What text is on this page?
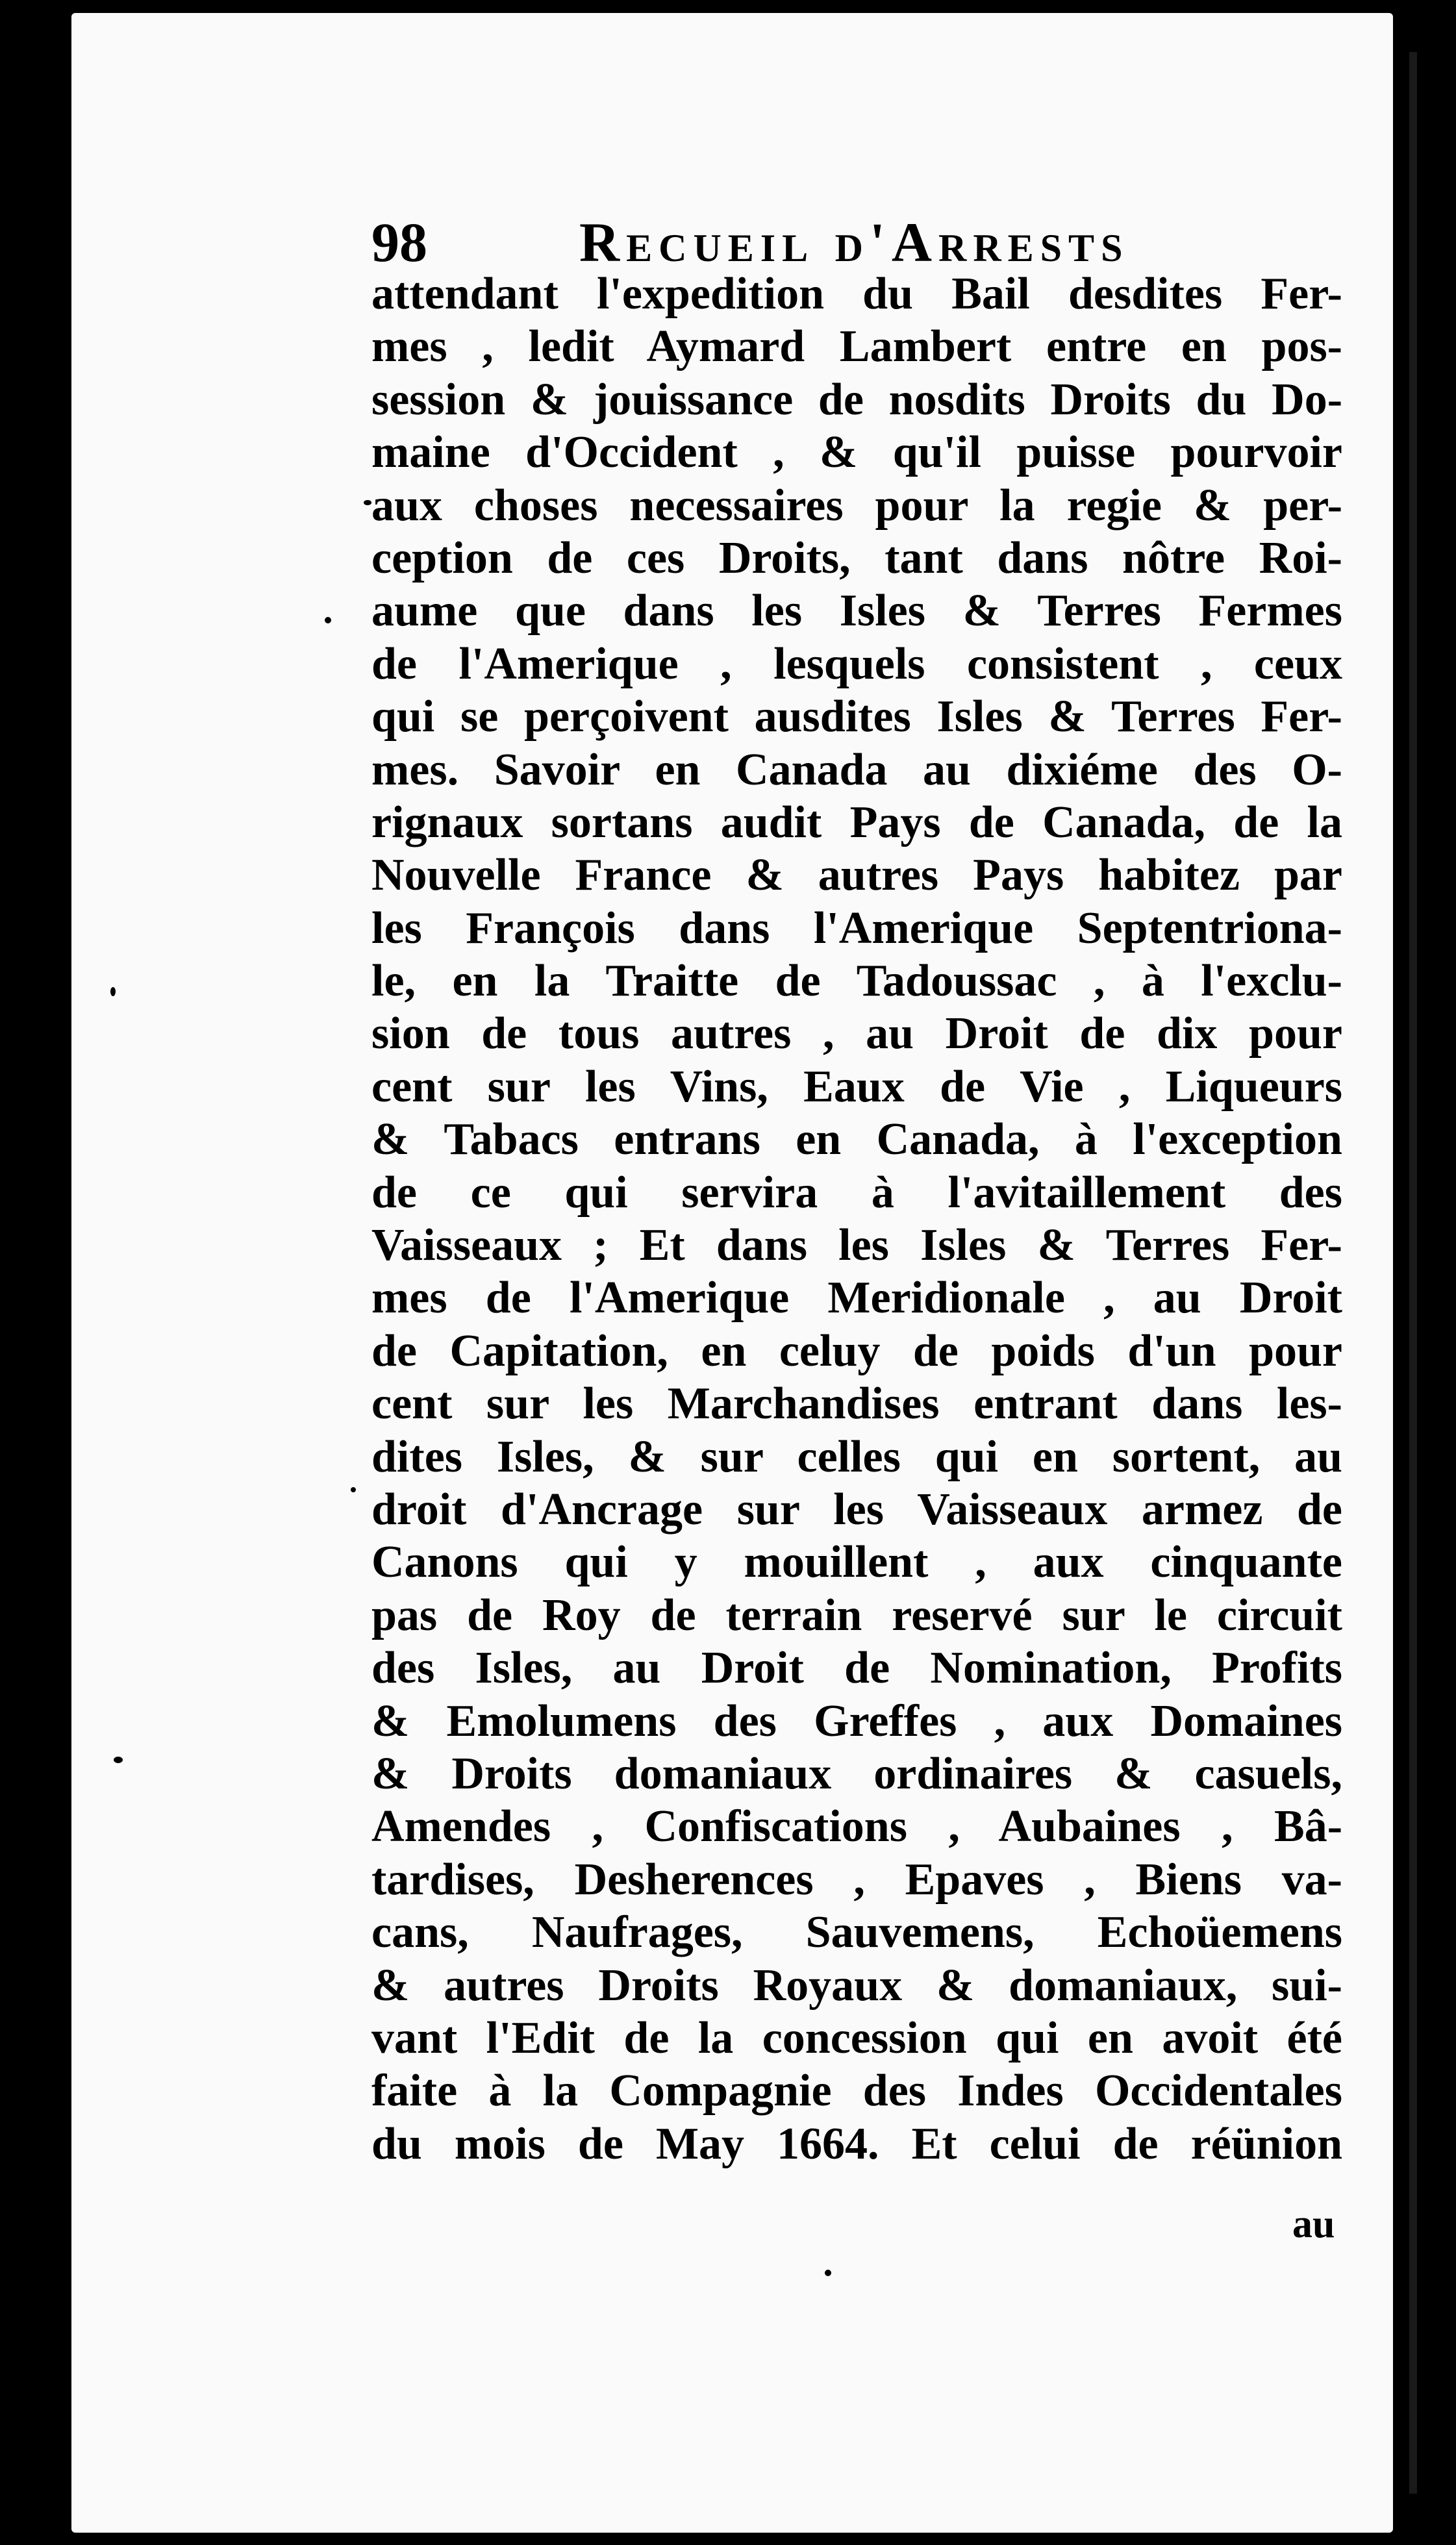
98	Recueil d'Arrests
attendant l'expedition du Bail desdites Fer-
mes , ledit Aymard Lambert entre en pos-
session & jouissance de nosdits Droits du Do-
maine d'Occident , & qu'il puisse pourvoir
aux choses necessaires pour la regie & per-
ception de ces Droits, tant dans nôtre Roi-
aume que dans les Isles & Terres Fermes
de l'Amerique , lesquels consistent , ceux
qui se perçoivent ausdites Isles & Terres Fer-
mes. Savoir en Canada au dixiéme des O-
rignaux sortans audit Pays de Canada, de la
Nouvelle France & autres Pays habitez par
les François dans l'Amerique Septentriona-
le, en la Traitte de Tadoussac , à l'exclu-
sion de tous autres , au Droit de dix pour
cent sur les Vins, Eaux de Vie , Liqueurs
& Tabacs entrans en Canada, à l'exception
de ce qui servira à l'avitaillement des
Vaisseaux ; Et dans les Isles & Terres Fer-
mes de l'Amerique Meridionale , au Droit
de Capitation, en celuy de poids d'un pour
cent sur les Marchandises entrant dans les-
dites Isles, & sur celles qui en sortent, au
droit d'Ancrage sur les Vaisseaux armez de
Canons qui y mouillent , aux cinquante
pas de Roy de terrain reservé sur le circuit
des Isles, au Droit de Nomination, Profits
& Emolumens des Greffes , aux Domaines
& Droits domaniaux ordinaires & casuels,
Amendes , Confiscations , Aubaines , Bâ-
tardises, Desherences , Epaves , Biens va-
cans, Naufrages, Sauvemens, Echoüemens
& autres Droits Royaux & domaniaux, sui-
vant l'Edit de la concession qui en avoit été
faite à la Compagnie des Indes Occidentales
du mois de May 1664. Et celui de réünion
au
